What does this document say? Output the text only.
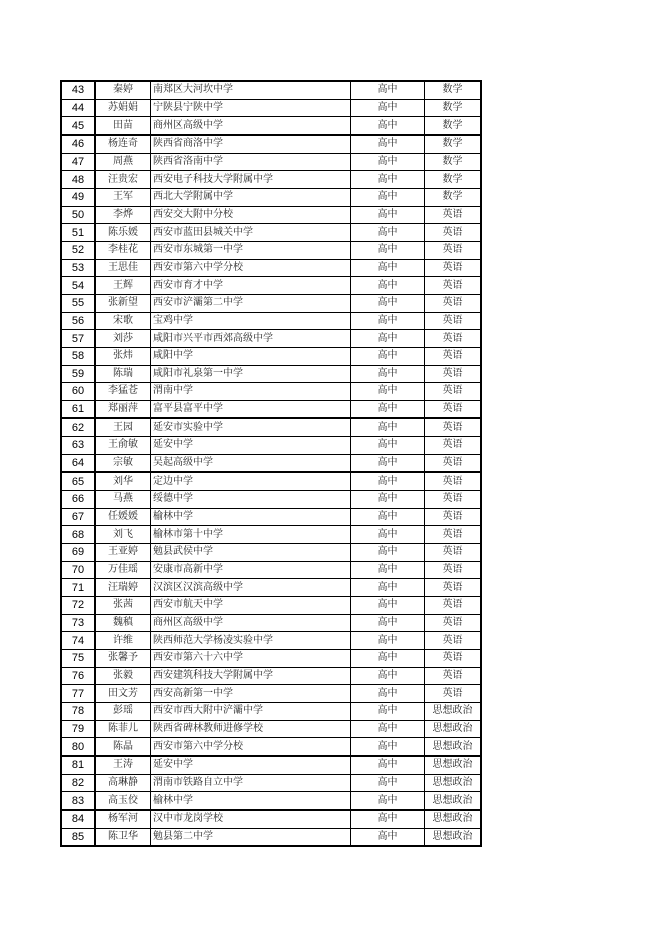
43	秦婷	南郑区大河坎中学	高中	数学
44	苏娟娟	宁陕县宁陕中学	高中	数学
45	田苗	商州区高级中学	高中	数学
46	杨连奇	陕西省商洛中学	高中	数学
47	周燕	陕西省洛南中学	高中	数学
48	汪贵宏	西安电子科技大学附属中学	高中	数学
49	王军	西北大学附属中学	高中	数学
50	李烨	西安交大附中分校	高中	英语
51	陈乐媛	西安市蓝田县城关中学	高中	英语
52	李桂花	西安市东城第一中学	高中	英语
53	王思佳	西安市第六中学分校	高中	英语
54	王辉	西安市育才中学	高中	英语
55	张新望	西安市浐灞第二中学	高中	英语
56	宋歌	宝鸡中学	高中	英语
57	刘莎	咸阳市兴平市西郊高级中学	高中	英语
58	张炜	咸阳中学	高中	英语
59	陈瑞	咸阳市礼泉第一中学	高中	英语
60	李猛苍	渭南中学	高中	英语
61	郑丽萍	富平县富平中学	高中	英语
62	王园	延安市实验中学	高中	英语
63	王俞敏	延安中学	高中	英语
64	宗敏	吴起高级中学	高中	英语
65	刘华	定边中学	高中	英语
66	马燕	绥德中学	高中	英语
67	任媛媛	榆林中学	高中	英语
68	刘飞	榆林市第十中学	高中	英语
69	王亚婷	勉县武侯中学	高中	英语
70	万佳瑶	安康市高新中学	高中	英语
71	汪瑞婷	汉滨区汉滨高级中学	高中	英语
72	张茜	西安市航天中学	高中	英语
73	魏稹	商州区高级中学	高中	英语
74	许维	陕西师范大学杨凌实验中学	高中	英语
75	张馨予	西安市第六十六中学	高中	英语
76	张毅	西安建筑科技大学附属中学	高中	英语
77	田文芳	西安高新第一中学	高中	英语
78	彭瑶	西安市西大附中浐灞中学	高中	思想政治
79	陈菲儿	陕西省碑林教师进修学校	高中	思想政治
80	陈晶	西安市第六中学分校	高中	思想政治
81	王涛	延安中学	高中	思想政治
82	高琳静	渭南市铁路自立中学	高中	思想政治
83	高玉佼	榆林中学	高中	思想政治
84	杨军河	汉中市龙岗学校	高中	思想政治
85	陈卫华	勉县第二中学	高中	思想政治
